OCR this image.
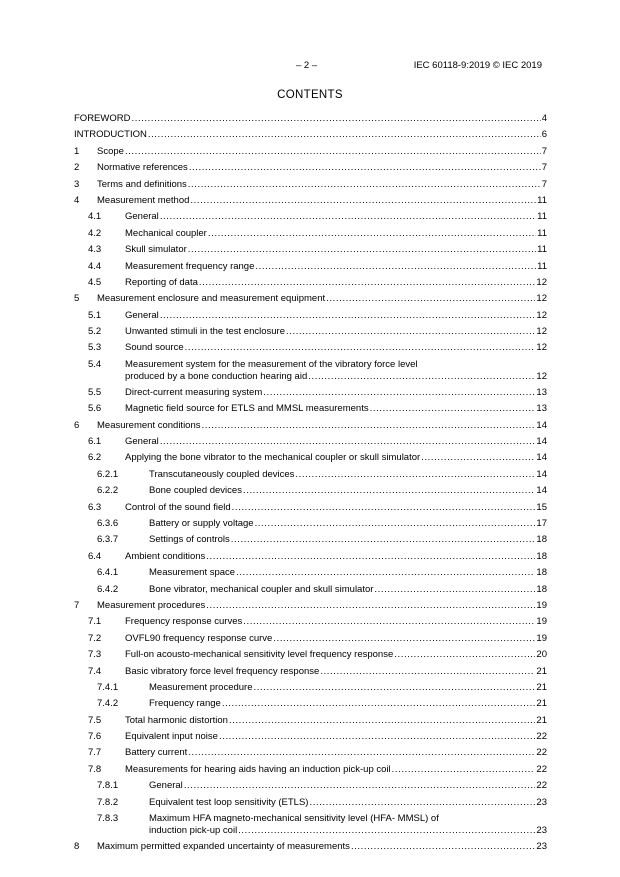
– 2 –	IEC 60118-9:2019 © IEC 2019
CONTENTS
FOREWORD .....	4
INTRODUCTION .....	6
1	Scope .....	7
2	Normative references .....	7
3	Terms and definitions .....	7
4	Measurement method .....	11
4.1	General .....	11
4.2	Mechanical coupler .....	11
4.3	Skull simulator .....	11
4.4	Measurement frequency range .....	11
4.5	Reporting of data .....	12
5	Measurement enclosure and measurement equipment .....	12
5.1	General .....	12
5.2	Unwanted stimuli in the test enclosure .....	12
5.3	Sound source .....	12
5.4	Measurement system for the measurement of the vibratory force level
produced by a bone conduction hearing aid .....	12
5.5	Direct-current measuring system .....	13
5.6	Magnetic field source for ETLS and MMSL measurements .....	13
6	Measurement conditions .....	14
6.1	General .....	14
6.2	Applying the bone vibrator to the mechanical coupler or skull simulator .....	14
6.2.1	Transcutaneously coupled devices .....	14
6.2.2	Bone coupled devices .....	14
6.3	Control of the sound field .....	15
6.3.6	Battery or supply voltage .....	17
6.3.7	Settings of controls .....	18
6.4	Ambient conditions .....	18
6.4.1	Measurement space .....	18
6.4.2	Bone vibrator, mechanical coupler and skull simulator .....	18
7	Measurement procedures .....	19
7.1	Frequency response curves .....	19
7.2	OVFL90 frequency response curve .....	19
7.3	Full-on acousto-mechanical sensitivity level frequency response .....	20
7.4	Basic vibratory force level frequency response .....	21
7.4.1	Measurement procedure .....	21
7.4.2	Frequency range .....	21
7.5	Total harmonic distortion .....	21
7.6	Equivalent input noise .....	22
7.7	Battery current .....	22
7.8	Measurements for hearing aids having an induction pick-up coil .....	22
7.8.1	General .....	22
7.8.2	Equivalent test loop sensitivity (ETLS) .....	23
7.8.3	Maximum HFA magneto-mechanical sensitivity level (HFA- MMSL) of
induction pick-up coil .....	23
8	Maximum permitted expanded uncertainty of measurements .....	23
